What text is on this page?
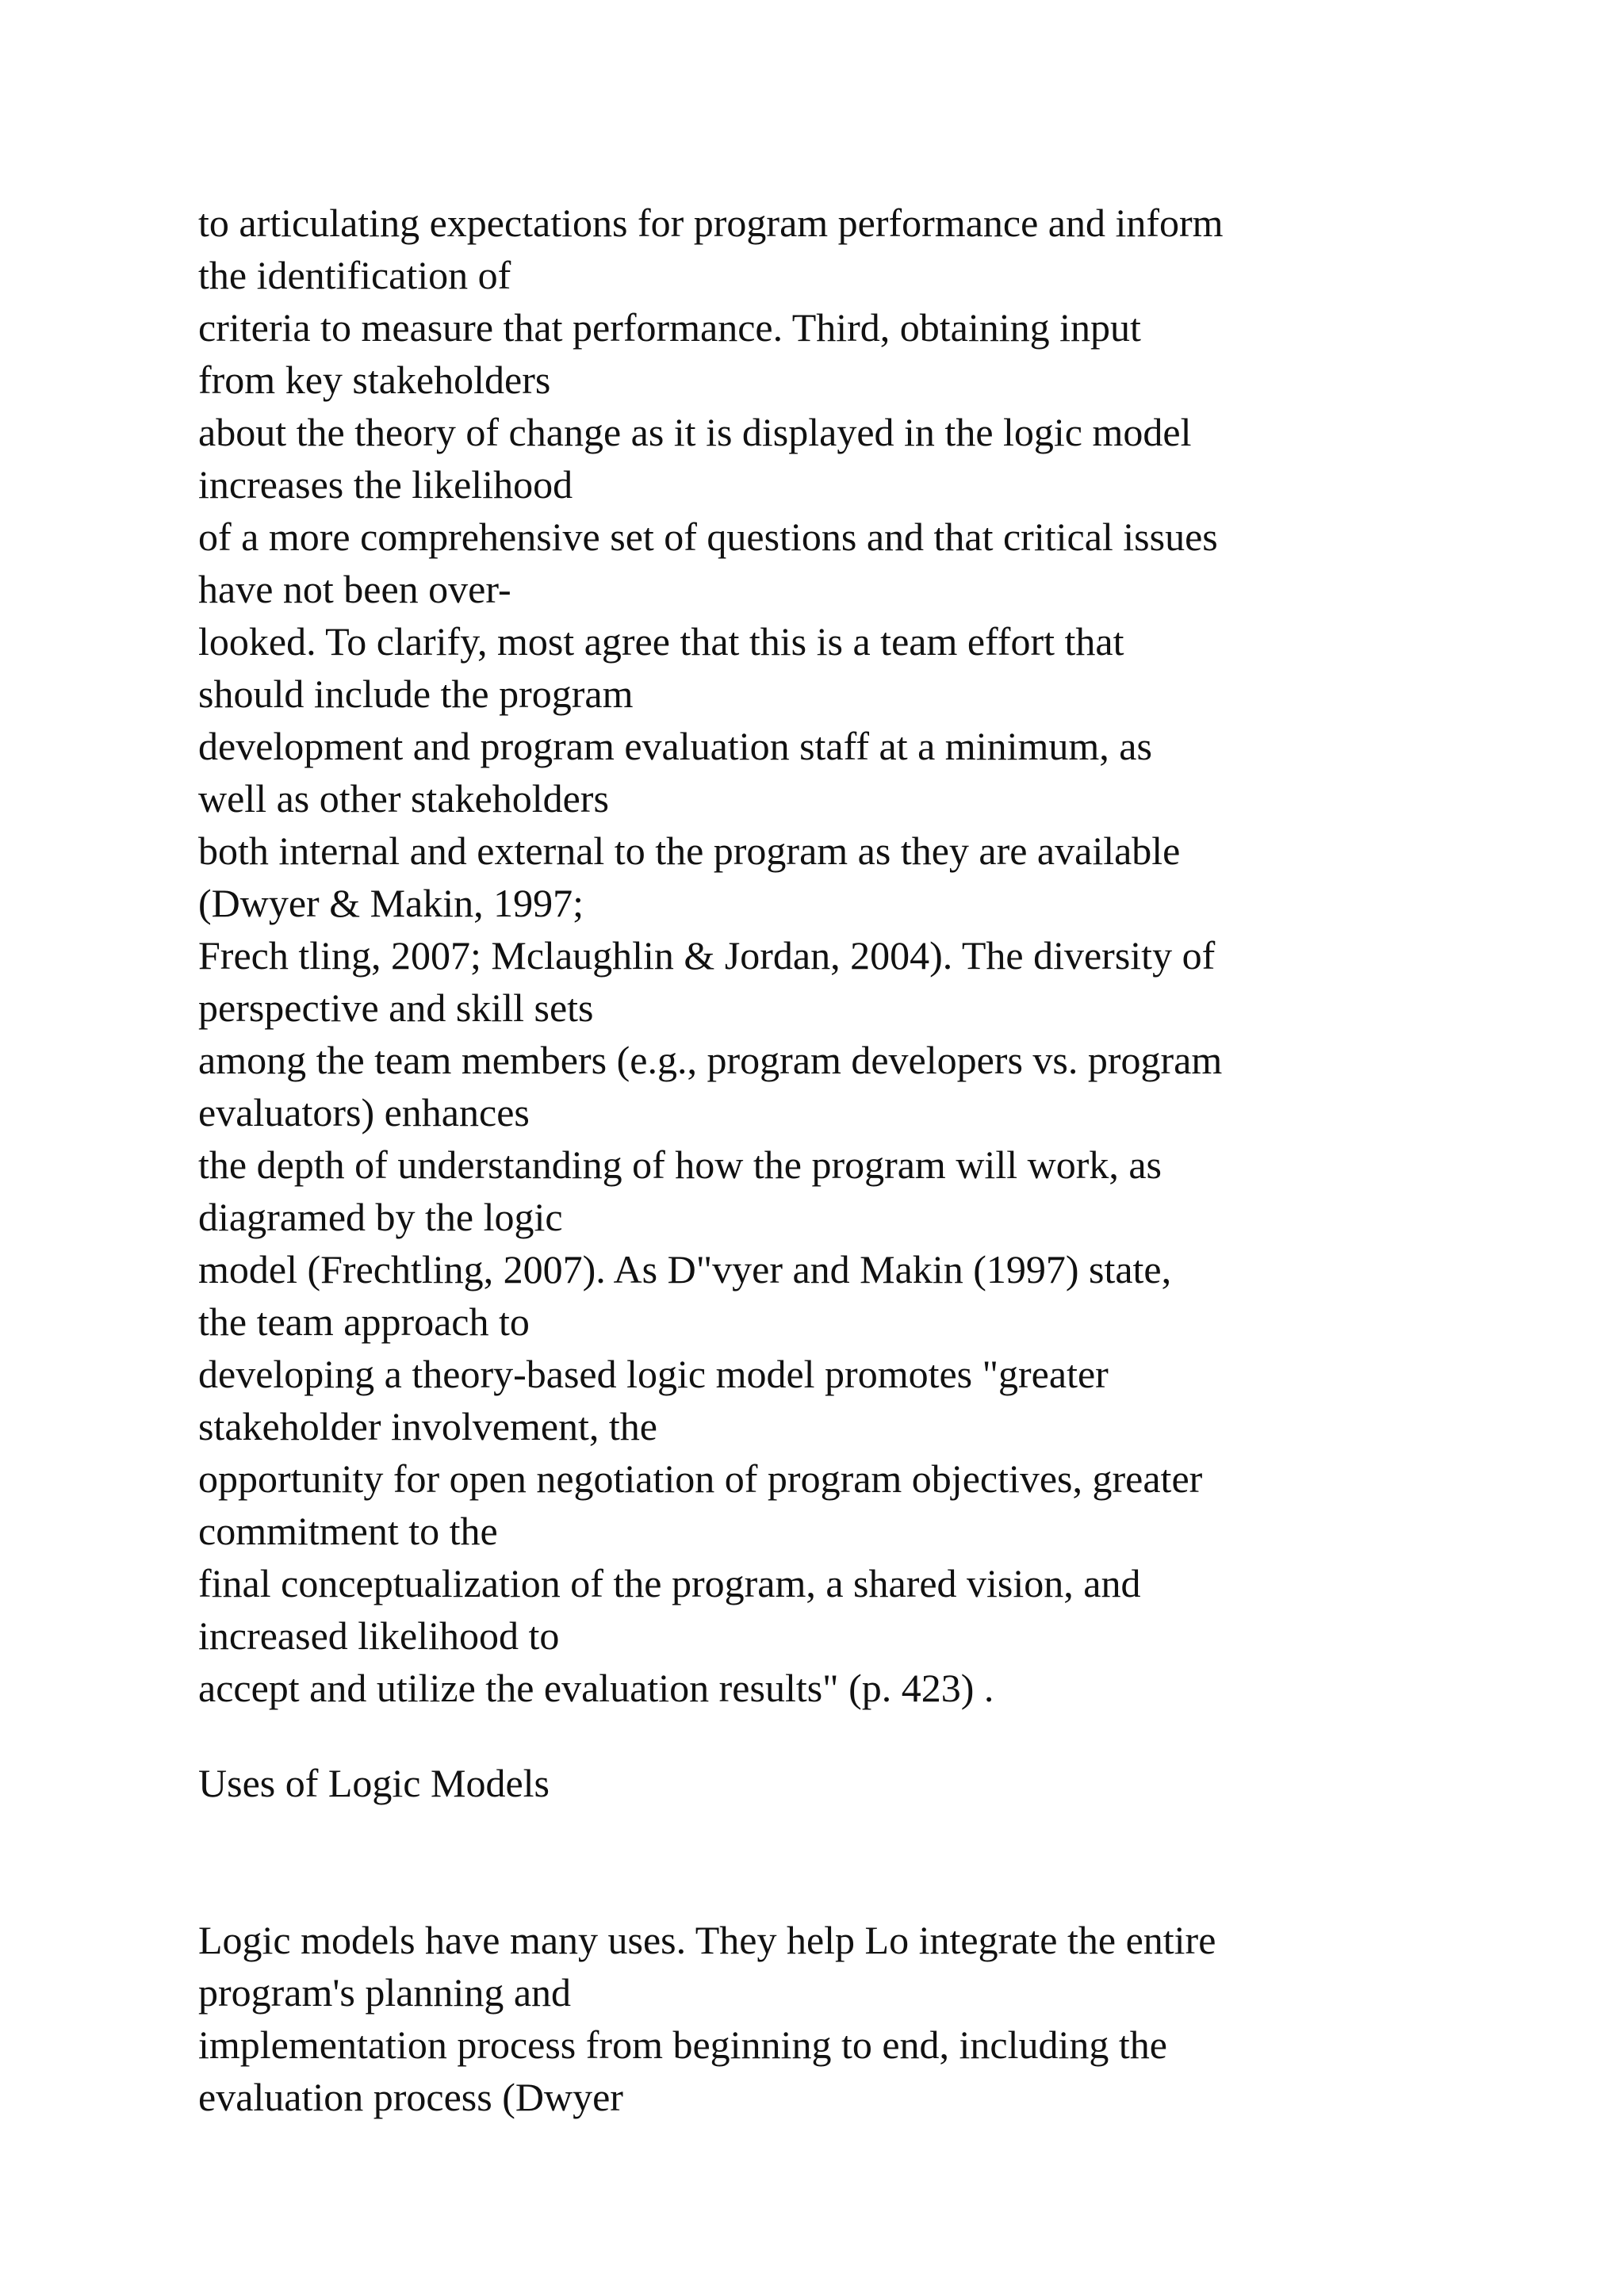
to articulating expectations for program performance and inform
the identification of
criteria to measure that performance. Third, obtaining input
from key stakeholders
about the theory of change as it is displayed in the logic model
increases the likelihood
of a more comprehensive set of questions and that critical issues
have not been over-
looked. To clarify, most agree that this is a team effort that
should include the program
development and program evaluation staff at a minimum, as
well as other stakeholders
both internal and external to the program as they are available
(Dwyer & Makin, 1997;
Frech tling, 2007; Mclaughlin & Jordan, 2004). The diversity of
perspective and skill sets
among the team members (e.g., program developers vs. program
evaluators) enhances
the depth of understanding of how the program will work, as
diagramed by the logic
model (Frechtling, 2007). As D"vyer and Makin (1997) state,
the team approach to
developing a theory-based logic model promotes "greater
stakeholder involvement, the
opportunity for open negotiation of program objectives, greater
commitment to the
final conceptualization of the program, a shared vision, and
increased likelihood to
accept and utilize the evaluation results" (p. 423) .
Uses of Logic Models
Logic models have many uses. They help Lo integrate the entire
program's planning and
implementation process from beginning to end, including the
evaluation process (Dwyer
